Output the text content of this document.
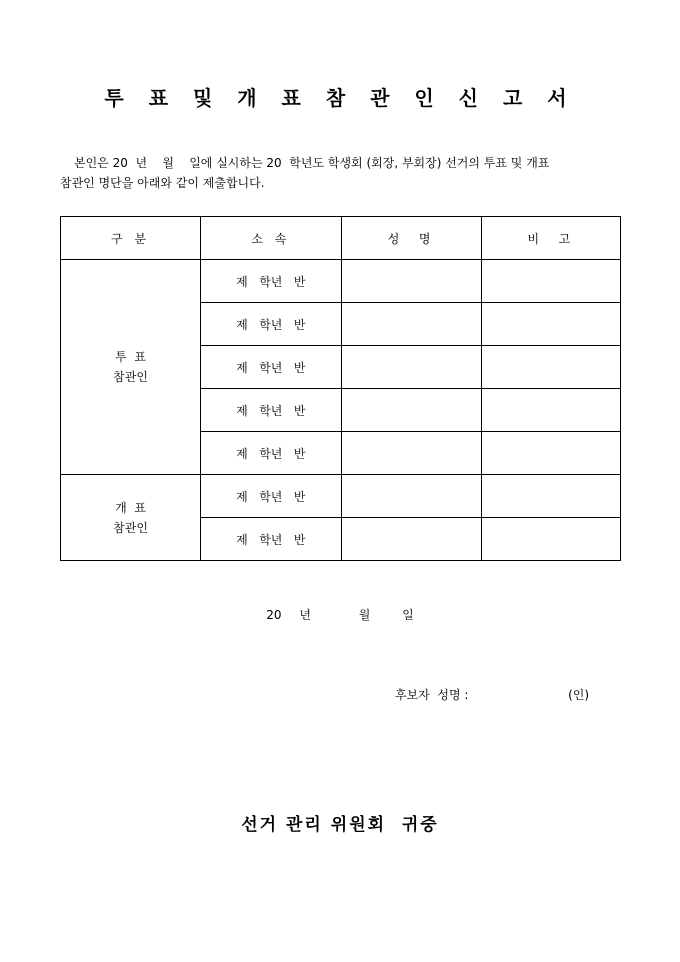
투 표 및 개 표 참 관 인 신 고 서

본인은 20  년    월    일에 실시하는 20  학년도 학생회 (회장, 부회장) 선거의 투표 및 개표

참관인 명단을 아래와 같이 제출합니다.

구 분	소 속	성  명	비  고

투  표
참관인	제   학년   반		
	제   학년   반		
	제   학년   반		
	제   학년   반		
	제   학년   반		

개  표
참관인	제   학년   반		
	제   학년   반		
20 년	월	일
후보자  성명 :	(인)
선거 관리 위원회  귀중
